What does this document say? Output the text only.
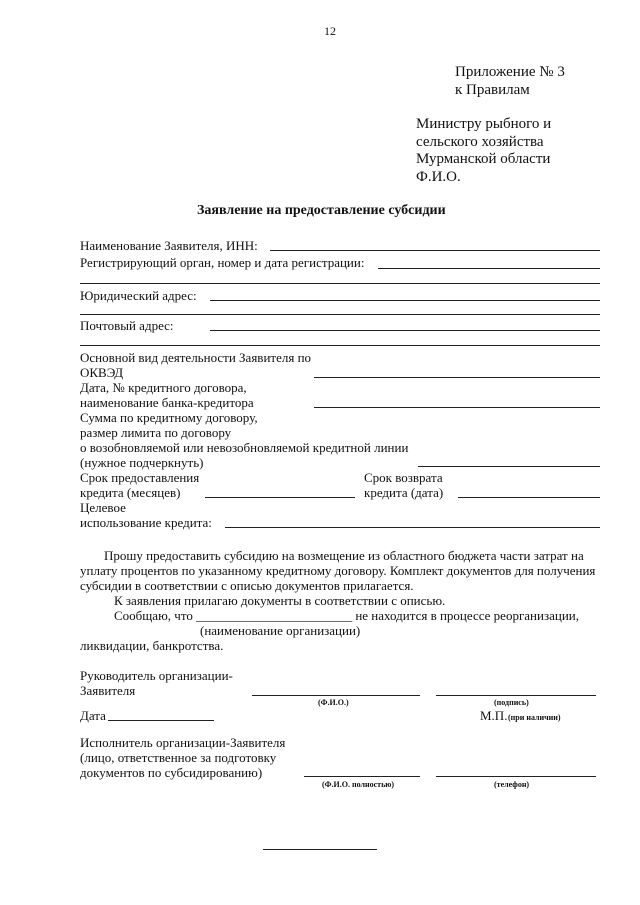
12
Приложение № 3
к Правилам
Министру рыбного и
сельского хозяйства
Мурманской области
Ф.И.О.
Заявление на предоставление субсидии
Наименование Заявителя, ИНН:
Регистрирующий орган, номер и дата регистрации:
Юридический адрес:
Почтовый адрес:
Основной вид деятельности Заявителя по
ОКВЭД
Дата, № кредитного договора,
наименование банка-кредитора
Сумма по кредитному договору,
размер лимита по договору
о возобновляемой или невозобновляемой кредитной линии
(нужное подчеркнуть)
Срок предоставления
кредита (месяцев)
Срок возврата
кредита (дата)
Целевое
использование кредита:
Прошу предоставить субсидию на возмещение из областного бюджета части затрат на
уплату процентов по указанному кредитному договору. Комплект документов для получения
субсидии в соответствии с описью документов прилагается.
К заявления прилагаю документы в соответствии с опиcью.
Сообщаю, что ________________________ не находится в процессе реорганизации,
(наименование организации)
ликвидации, банкротства.
Руководитель организации-
Заявителя
(Ф.И.О.)	(подпись)
Дата	М.П. (при наличии)
Исполнитель организации-Заявителя
(лицо, ответственное за подготовку
документов по субсидированию)
(Ф.И.О. полностью)	(телефон)
